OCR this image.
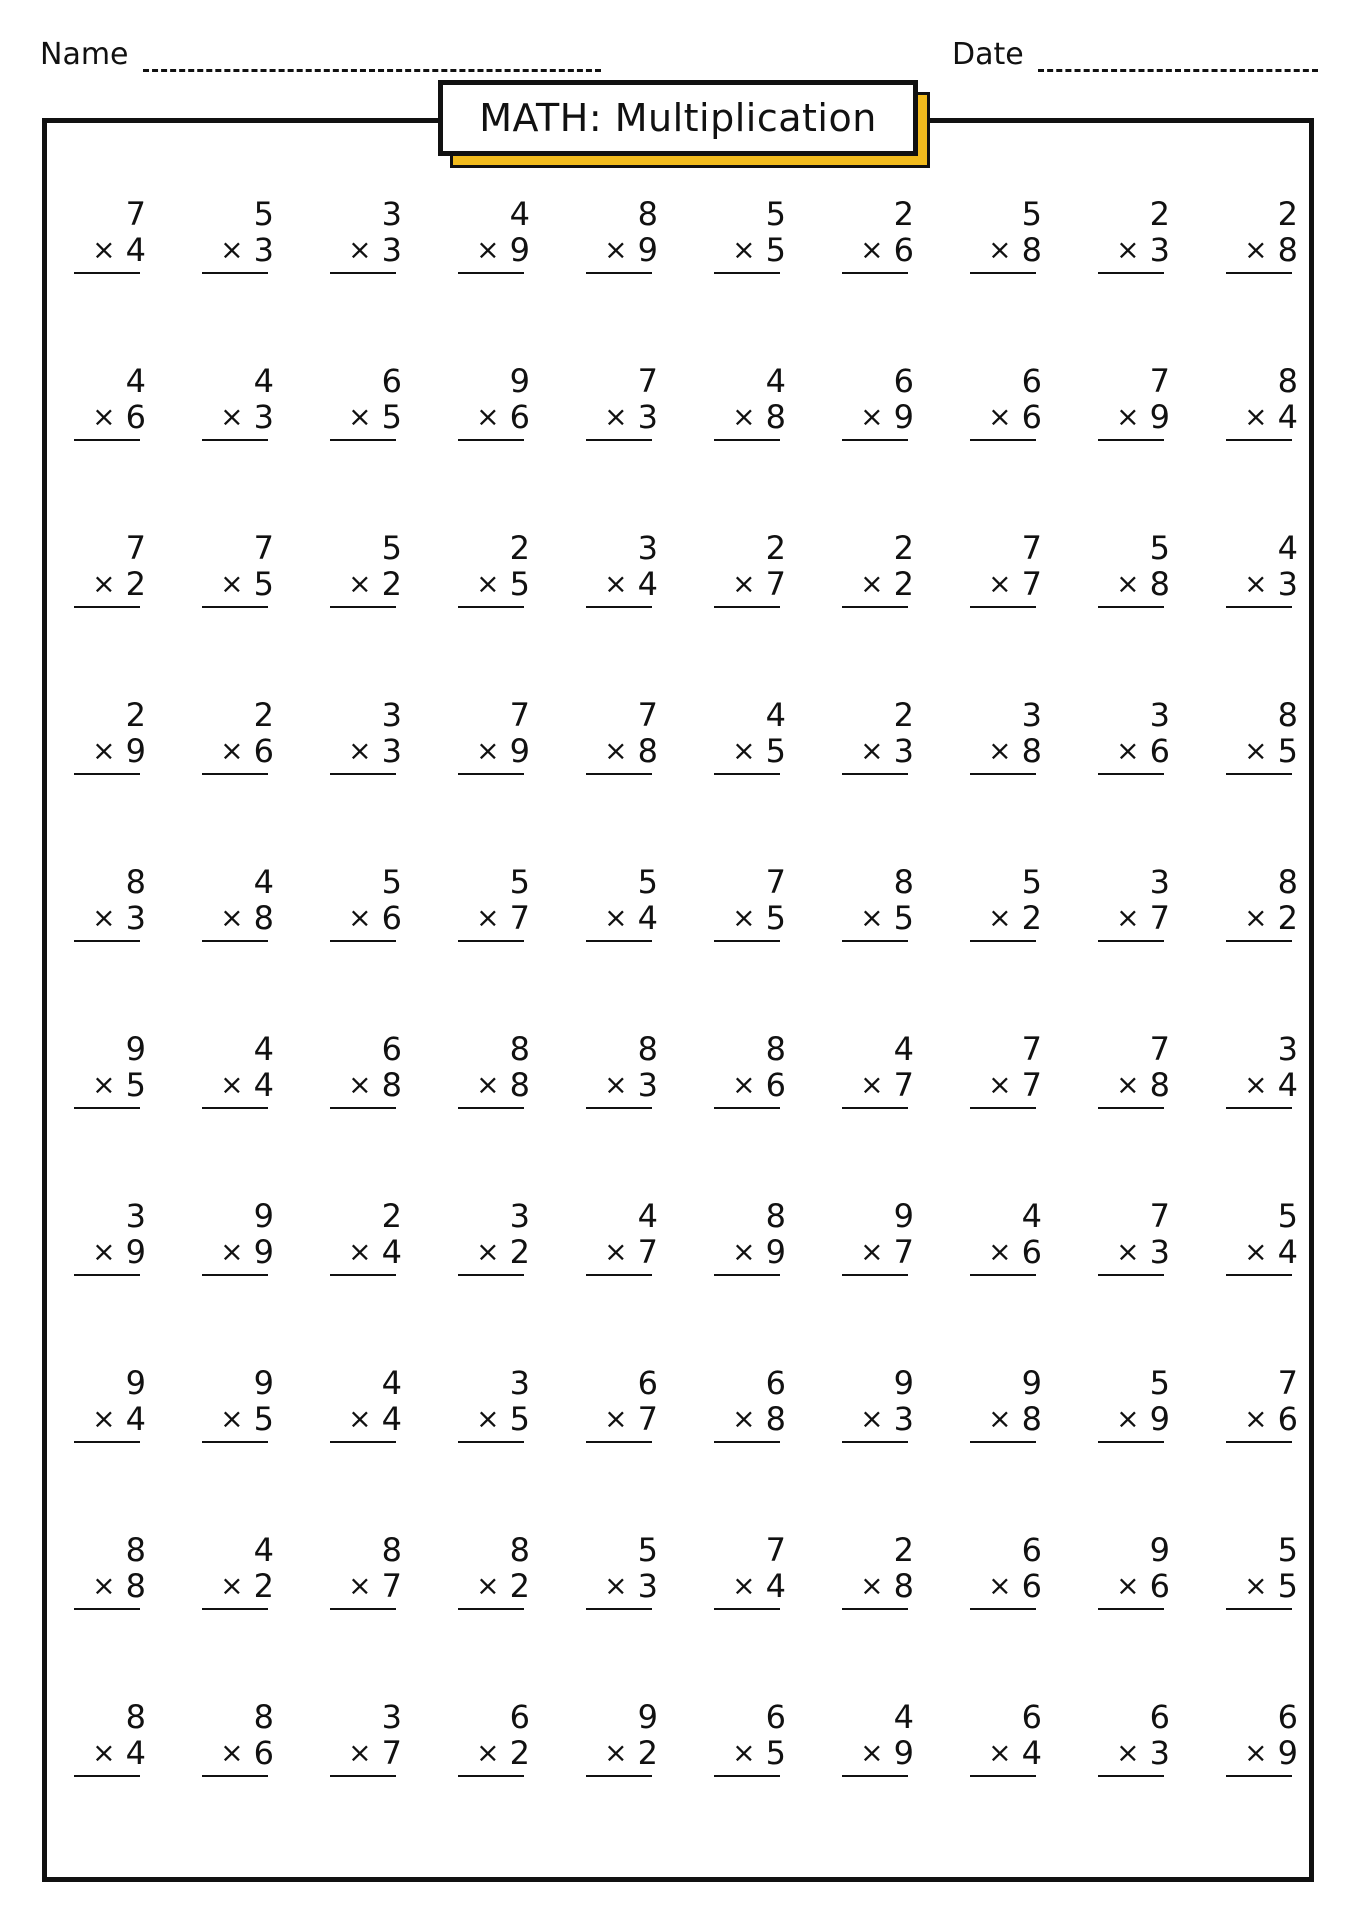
Name	Date
MATH: Multiplication
7
× 4
5
× 3
3
× 3
4
× 9
8
× 9
5
× 5
2
× 6
5
× 8
2
× 3
2
× 8
4
× 6
4
× 3
6
× 5
9
× 6
7
× 3
4
× 8
6
× 9
6
× 6
7
× 9
8
× 4
7
× 2
7
× 5
5
× 2
2
× 5
3
× 4
2
× 7
2
× 2
7
× 7
5
× 8
4
× 3
2
× 9
2
× 6
3
× 3
7
× 9
7
× 8
4
× 5
2
× 3
3
× 8
3
× 6
8
× 5
8
× 3
4
× 8
5
× 6
5
× 7
5
× 4
7
× 5
8
× 5
5
× 2
3
× 7
8
× 2
9
× 5
4
× 4
6
× 8
8
× 8
8
× 3
8
× 6
4
× 7
7
× 7
7
× 8
3
× 4
3
× 9
9
× 9
2
× 4
3
× 2
4
× 7
8
× 9
9
× 7
4
× 6
7
× 3
5
× 4
9
× 4
9
× 5
4
× 4
3
× 5
6
× 7
6
× 8
9
× 3
9
× 8
5
× 9
7
× 6
8
× 8
4
× 2
8
× 7
8
× 2
5
× 3
7
× 4
2
× 8
6
× 6
9
× 6
5
× 5
8
× 4
8
× 6
3
× 7
6
× 2
9
× 2
6
× 5
4
× 9
6
× 4
6
× 3
6
× 9
